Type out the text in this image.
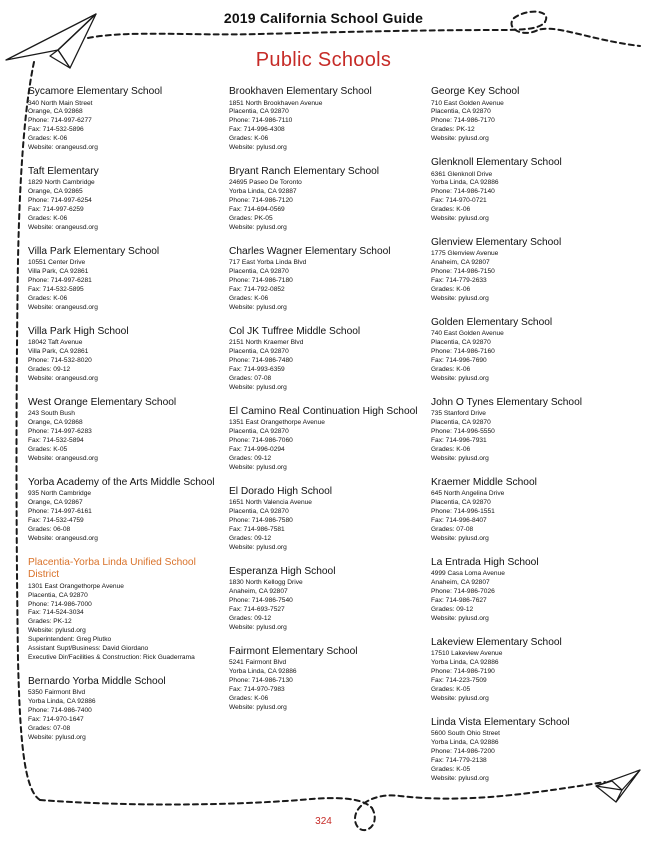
2019 California School Guide
Public Schools
Sycamore Elementary School
340 North Main Street
Orange, CA 92868
Phone: 714-997-6277
Fax: 714-532-5896
Grades: K-06
Website: orangeusd.org
Taft Elementary
1829 North Cambridge
Orange, CA 92865
Phone: 714-997-6254
Fax: 714-997-6259
Grades: K-06
Website: orangeusd.org
Villa Park Elementary School
10551 Center Drive
Villa Park, CA 92861
Phone: 714-997-6281
Fax: 714-532-5895
Grades: K-06
Website: orangeusd.org
Villa Park High School
18042 Taft Avenue
Villa Park, CA 92861
Phone: 714-532-8020
Grades: 09-12
Website: orangeusd.org
West Orange Elementary School
243 South Bush
Orange, CA 92868
Phone: 714-997-6283
Fax: 714-532-5894
Grades: K-05
Website: orangeusd.org
Yorba Academy of the Arts Middle School
935 North Cambridge
Orange, CA 92867
Phone: 714-997-6161
Fax: 714-532-4759
Grades: 06-08
Website: orangeusd.org
Placentia-Yorba Linda Unified School District
1301 East Orangethorpe Avenue
Placentia, CA 92870
Phone: 714-986-7000
Fax: 714-524-3034
Grades: PK-12
Website: pylusd.org
Superintendent: Greg Plutko
Assistant Supt/Business: David Giordano
Executive Dir/Facilities & Construction: Rick Guaderrama
Bernardo Yorba Middle School
5350 Fairmont Blvd
Yorba Linda, CA 92886
Phone: 714-986-7400
Fax: 714-970-1647
Grades: 07-08
Website: pylusd.org
Brookhaven Elementary School
1851 North Brookhaven Avenue
Placentia, CA 92870
Phone: 714-986-7110
Fax: 714-996-4308
Grades: K-06
Website: pylusd.org
Bryant Ranch Elementary School
24695 Paseo De Toronto
Yorba Linda, CA 92887
Phone: 714-986-7120
Fax: 714-694-0569
Grades: PK-05
Website: pylusd.org
Charles Wagner Elementary School
717 East Yorba Linda Blvd
Placentia, CA 92870
Phone: 714-986-7180
Fax: 714-792-0852
Grades: K-06
Website: pylusd.org
Col JK Tuffree Middle School
2151 North Kraemer Blvd
Placentia, CA 92870
Phone: 714-986-7480
Fax: 714-993-6359
Grades: 07-08
Website: pylusd.org
El Camino Real Continuation High School
1351 East Orangethorpe Avenue
Placentia, CA 92870
Phone: 714-986-7060
Fax: 714-996-0294
Grades: 09-12
Website: pylusd.org
El Dorado High School
1651 North Valencia Avenue
Placentia, CA 92870
Phone: 714-986-7580
Fax: 714-986-7581
Grades: 09-12
Website: pylusd.org
Esperanza High School
1830 North Kellogg Drive
Anaheim, CA 92807
Phone: 714-986-7540
Fax: 714-693-7527
Grades: 09-12
Website: pylusd.org
Fairmont Elementary School
5241 Fairmont Blvd
Yorba Linda, CA 92886
Phone: 714-986-7130
Fax: 714-970-7983
Grades: K-06
Website: pylusd.org
George Key School
710 East Golden Avenue
Placentia, CA 92870
Phone: 714-986-7170
Grades: PK-12
Website: pylusd.org
Glenknoll Elementary School
6361 Glenknoll Drive
Yorba Linda, CA 92886
Phone: 714-986-7140
Fax: 714-970-0721
Grades: K-06
Website: pylusd.org
Glenview Elementary School
1775 Glenview Avenue
Anaheim, CA 92807
Phone: 714-986-7150
Fax: 714-779-2633
Grades: K-06
Website: pylusd.org
Golden Elementary School
740 East Golden Avenue
Placentia, CA 92870
Phone: 714-986-7160
Fax: 714-996-7690
Grades: K-06
Website: pylusd.org
John O Tynes Elementary School
735 Stanford Drive
Placentia, CA 92870
Phone: 714-996-5550
Fax: 714-996-7931
Grades: K-06
Website: pylusd.org
Kraemer Middle School
645 North Angelina Drive
Placentia, CA 92870
Phone: 714-996-1551
Fax: 714-996-8407
Grades: 07-08
Website: pylusd.org
La Entrada High School
4999 Casa Loma Avenue
Anaheim, CA 92807
Phone: 714-986-7026
Fax: 714-986-7627
Grades: 09-12
Website: pylusd.org
Lakeview Elementary School
17510 Lakeview Avenue
Yorba Linda, CA 92886
Phone: 714-986-7190
Fax: 714-223-7509
Grades: K-05
Website: pylusd.org
Linda Vista Elementary School
5600 South Ohio Street
Yorba Linda, CA 92886
Phone: 714-986-7200
Fax: 714-779-2138
Grades: K-05
Website: pylusd.org
324
